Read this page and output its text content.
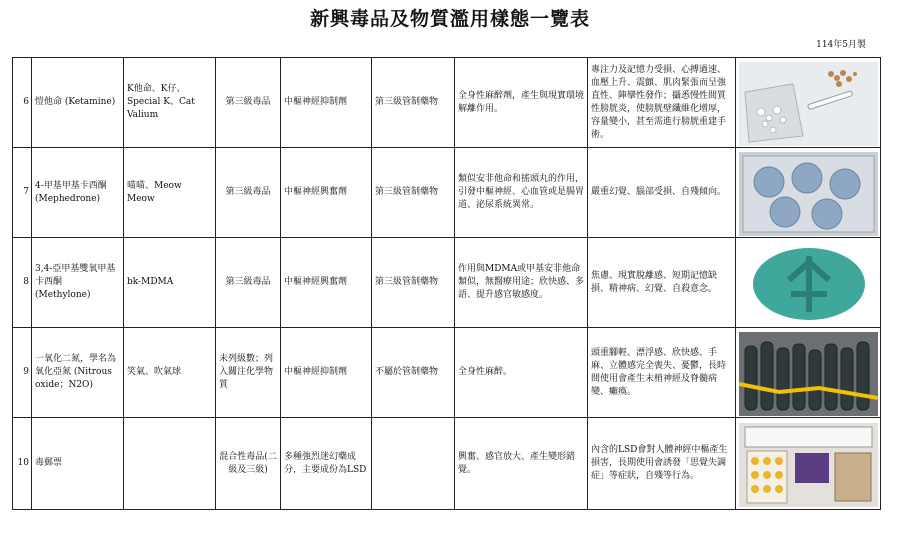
新興毒品及物質濫用樣態一覽表
114年5月製
6	愷他命 (Ketamine)	K他命、K仔、Special K、Cat Valium	第三級毒品	中樞神經抑制劑	第三級管制藥物	全身性麻醉劑，產生與現實環境解離作用。	專注力及記憶力受損、心搏過速、血壓上升、震顫、肌肉緊張而呈強直性、陣攣性發作；攝悉慢性間質性膀胱炎，使膀胱壁纖維化增厚，容量變小，甚至需進行膀胱重建手術。	

7	4-甲基甲基卡西酮 (Mephedrone)	喵喵、Meow Meow	第三級毒品	中樞神經興奮劑	第三級管制藥物	類似安非他命和搖頭丸的作用，引發中樞神經、心血管或是腸胃道、泌尿系統異常。	嚴重幻覺、腦部受損、自殘傾向。	

8	3,4-亞甲基雙氧甲基卡西酮 (Methylone)	bk-MDMA	第三級毒品	中樞神經興奮劑	第三級管制藥物	作用與MDMA或甲基安非他命類似，無醫療用途；欣快感、多語、提升感官敏感度。	焦慮、現實脫離感、短期記憶缺損、精神病、幻覺、自殺意念。	

9	一氧化二氮，學名為氧化亞氮 (Nitrous oxide；N2O)	笑氣、吹氣球	未列級數；列入關注化學物質	中樞神經抑制劑	不屬於管制藥物	全身性麻醉。	頭重腳輕、漂浮感、欣快感、手麻、立體感完全喪失、憂鬱，長時間使用會產生末梢神經及脊髓病變、癱瘓。	

10	毒郵票		混合性毒品(二級及三級)	多種強烈迷幻藥成分，主要成份為LSD		興奮、感官放大、產生變形錯覺。	內含的LSD會對人體神經中樞產生損害，長期使用會誘發「思覺失調症」等症狀，自殘等行為。	
